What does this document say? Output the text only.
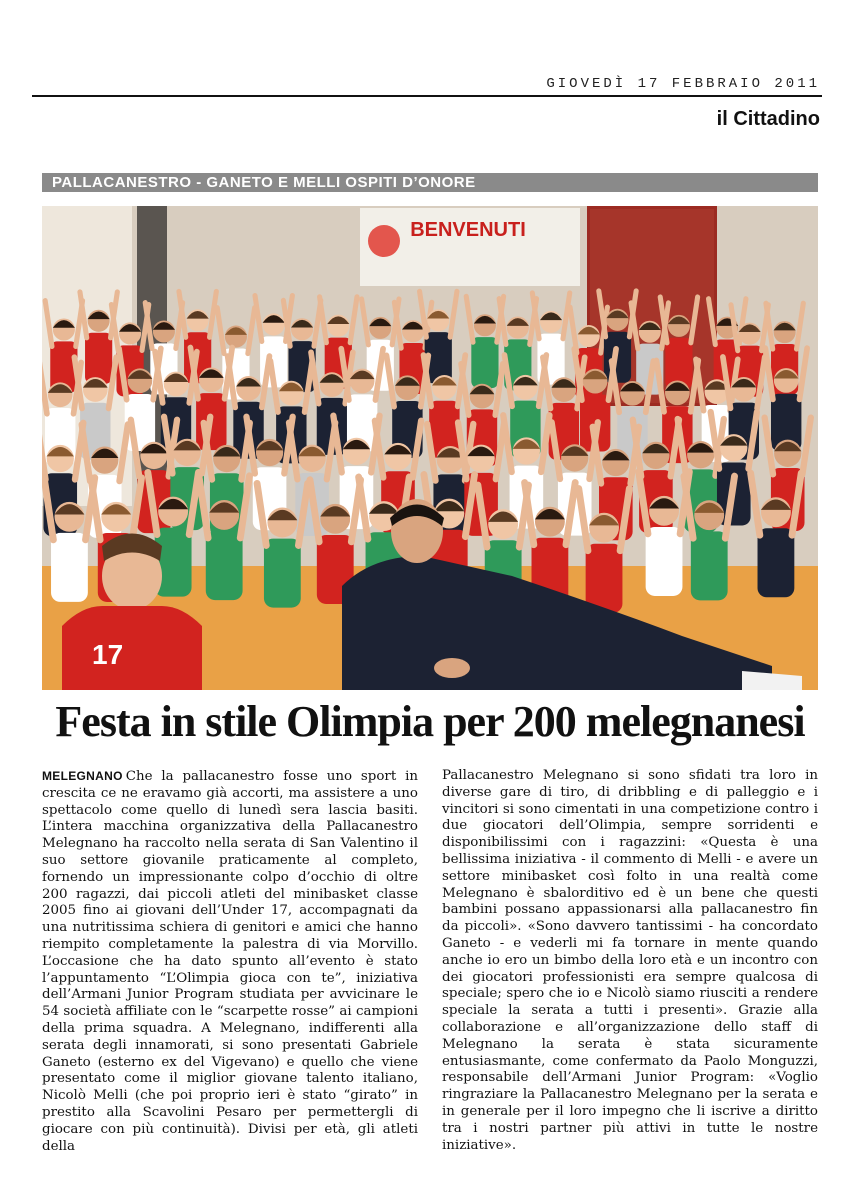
GIOVEDÌ 17 FEBBRAIO 2011
il Cittadino
PALLACANESTRO - GANETO E MELLI OSPITI D’ONORE
BENVENUTI
17
Festa in stile Olimpia per 200 melegnanesi

MELEGNANO Che la pallacanestro fosse uno sport in crescita ce ne eravamo già accorti, ma assistere a uno spettacolo come quello di lunedì sera lascia basiti. L’intera macchina organizzativa della Pallacanestro Melegnano ha raccolto nella serata di San Valentino il suo settore giovanile praticamente al completo, fornendo un impressionante colpo d’occhio di oltre 200 ragazzi, dai piccoli atleti del minibasket classe 2005 fino ai giovani dell’Under 17, accompagnati da una nutritissima schiera di genitori e amici che hanno riempito completamente la palestra di via Morvillo. L’occasione che ha dato spunto all’evento è stato l’appuntamento “L’Olimpia gioca con te”, iniziativa dell’Armani Junior Program studiata per avvicinare le 54 società affiliate con le “scarpette rosse” ai campioni della prima squadra. A Melegnano, indifferenti alla serata degli innamorati, si sono presentati Gabriele Ganeto (esterno ex del Vigevano) e quello che viene presentato come il miglior giovane talento italiano, Nicolò Melli (che poi proprio ieri è stato “girato” in prestito alla Scavolini Pesaro per permettergli di giocare con più continuità). Divisi per età, gli atleti della

Pallacanestro Melegnano si sono sfidati tra loro in diverse gare di tiro, di dribbling e di palleggio e i vincitori si sono cimentati in una competizione contro i due giocatori dell’Olimpia, sempre sorridenti e disponibilissimi con i ragazzini: «Questa è una bellissima iniziativa - il commento di Melli - e avere un settore minibasket così folto in una realtà come Melegnano è sbalorditivo ed è un bene che questi bambini possano appassionarsi alla pallacanestro fin da piccoli». «Sono davvero tantissimi - ha concordato Ganeto - e vederli mi fa tornare in mente quando anche io ero un bimbo della loro età e un incontro con dei giocatori professionisti era sempre qualcosa di speciale; spero che io e Nicolò siamo riusciti a rendere speciale la serata a tutti i presenti». Grazie alla collaborazione e all’organizzazione dello staff di Melegnano la serata è stata sicuramente entusiasmante, come confermato da Paolo Monguzzi, responsabile dell’Armani Junior Program: «Voglio ringraziare la Pallacanestro Melegnano per la serata e in generale per il loro impegno che li iscrive a diritto tra i nostri partner più attivi in tutte le nostre iniziative».
